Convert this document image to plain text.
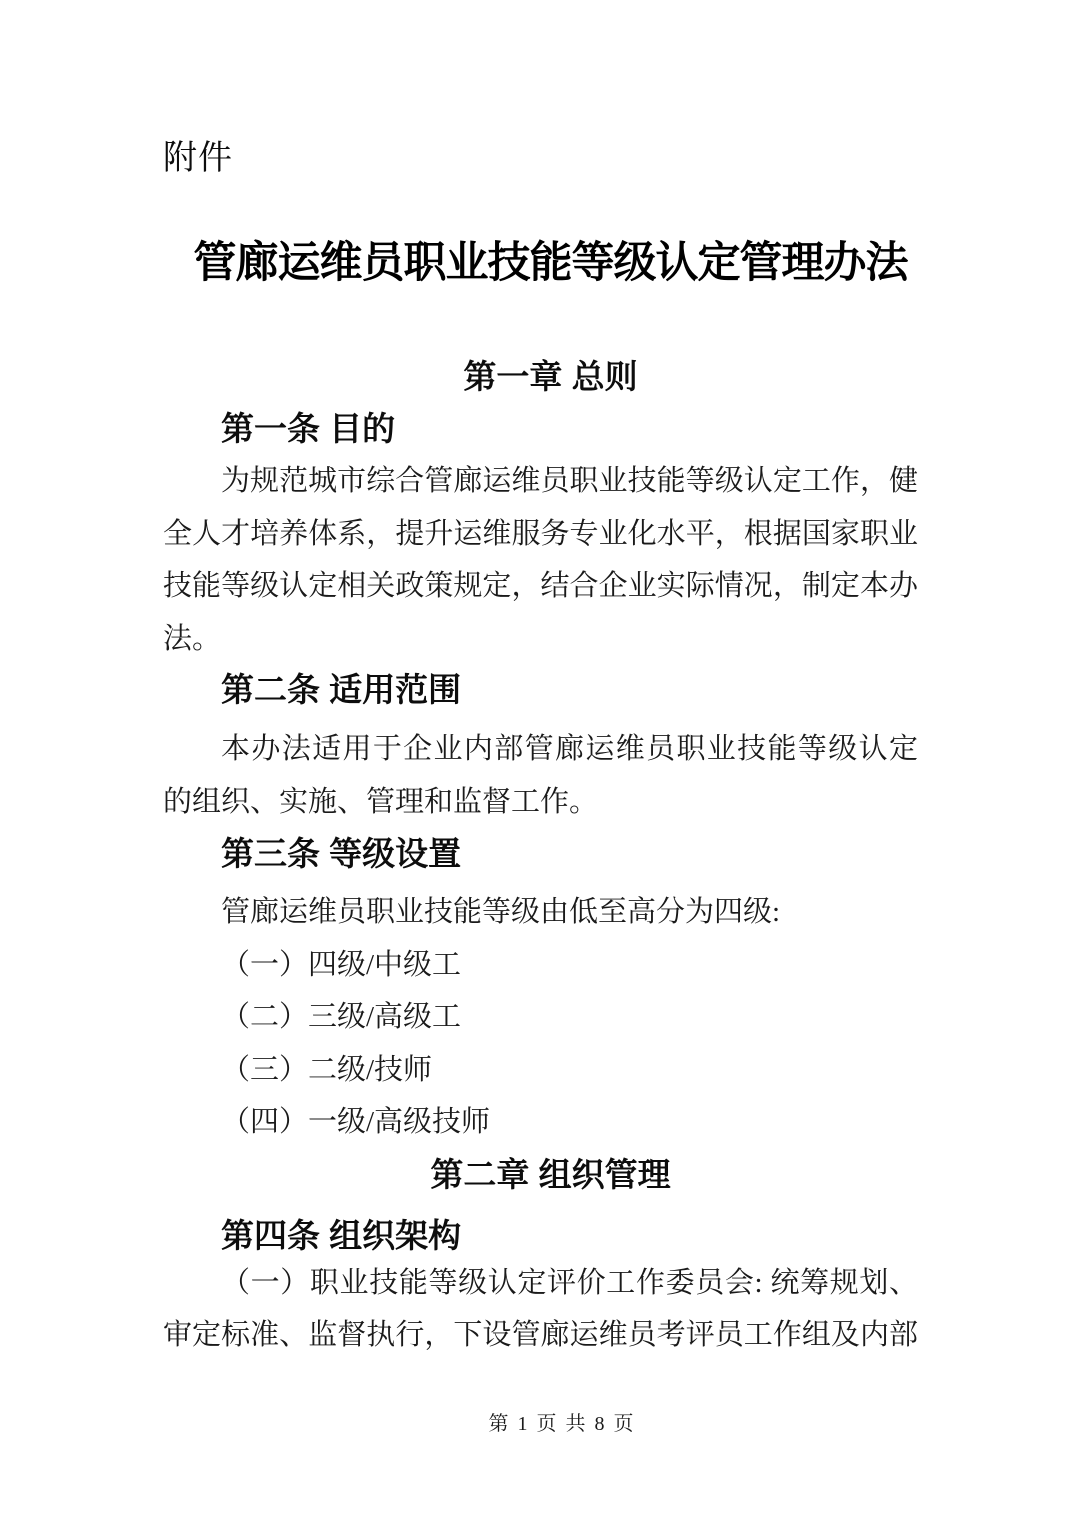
附件
管廊运维员职业技能等级认定管理办法
第一章 总则
第一条 目的

为规范城市综合管廊运维员职业技能等级认定工作，健
全人才培养体系，提升运维服务专业化水平，根据国家职业
技能等级认定相关政策规定，结合企业实际情况，制定本办
法。

第二条 适用范围

本办法适用于企业内部管廊运维员职业技能等级认定
的组织、实施、管理和监督工作。

第三条 等级设置

管廊运维员职业技能等级由低至高分为四级:

（一）四级/中级工
（二）三级/高级工
（三）二级/技师
（四）一级/高级技师

第二章 组织管理
第四条 组织架构

（一）职业技能等级认定评价工作委员会: 统筹规划、
审定标准、监督执行，下设管廊运维员考评员工作组及内部

第 1 页 共 8 页
